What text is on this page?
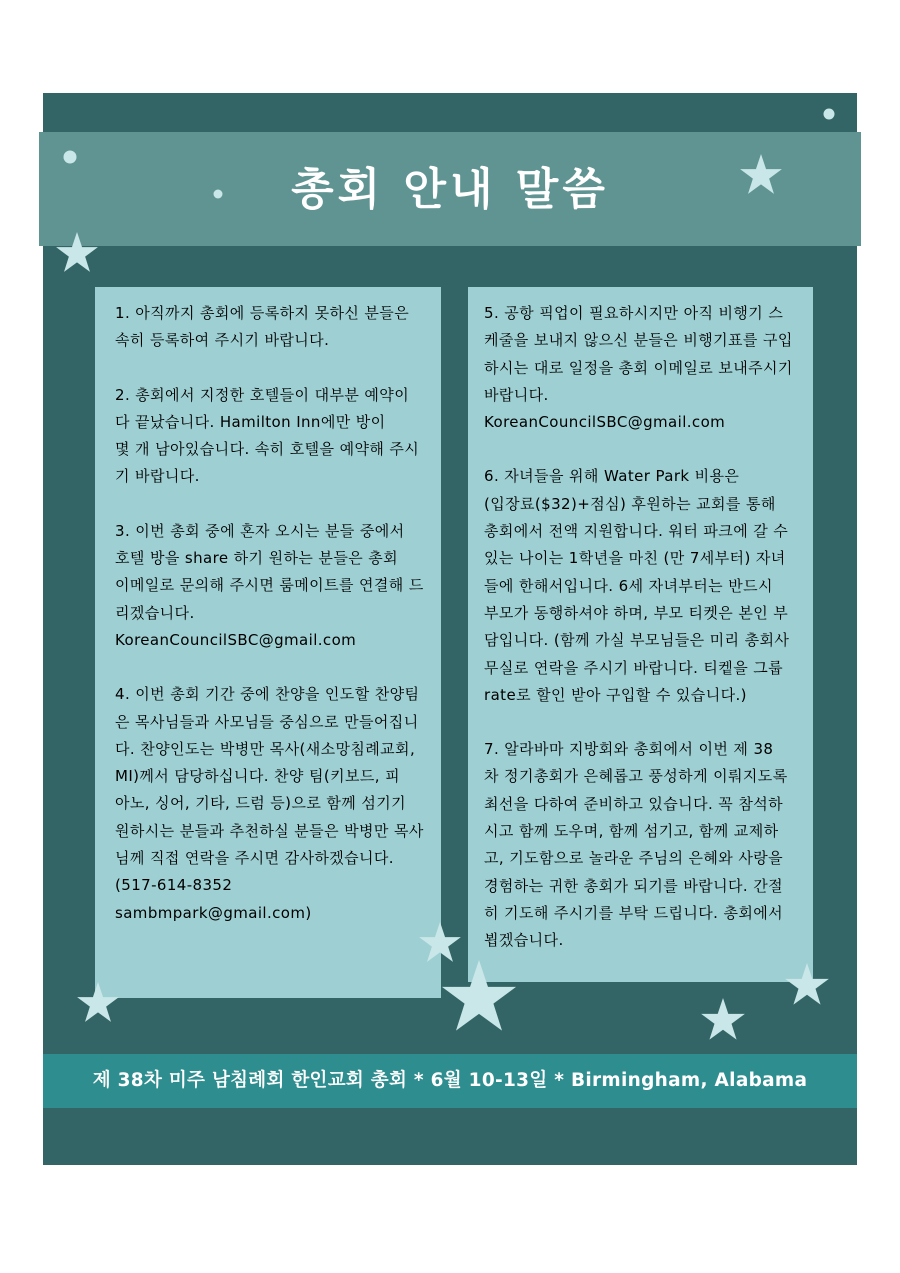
1. 아직까지 총회에 등록하지 못하신 분들은
속히 등록하여 주시기 바랍니다.

2. 총회에서 지정한 호텔들이 대부분 예약이
다 끝났습니다. Hamilton Inn에만 방이
몇 개 남아있습니다. 속히 호텔을 예약해 주시
기 바랍니다.

3. 이번 총회 중에 혼자 오시는 분들 중에서
호텔 방을 share 하기 원하는 분들은 총회
이메일로 문의해 주시면 룸메이트를 연결해 드
리겠습니다.
KoreanCouncilSBC@gmail.com

4. 이번 총회 기간 중에 찬양을 인도할 찬양팀
은 목사님들과 사모님들 중심으로 만들어집니
다. 찬양인도는 박병만 목사(새소망침례교회,
MI)께서 담당하십니다. 찬양 팀(키보드, 피
아노, 싱어, 기타, 드럼 등)으로 함께 섬기기
원하시는 분들과 추천하실 분들은 박병만 목사
님께 직접 연락을 주시면 감사하겠습니다.
(517-614-8352
sambmpark@gmail.com)

5. 공항 픽업이 필요하시지만 아직 비행기 스
케줄을 보내지 않으신 분들은 비행기표를 구입
하시는 대로 일정을 총회 이메일로 보내주시기
바랍니다.
KoreanCouncilSBC@gmail.com

6. 자녀들을 위해 Water Park 비용은
(입장료($32)+점심) 후원하는 교회를 통해
총회에서 전액 지원합니다. 워터 파크에 갈 수
있는 나이는 1학년을 마친 (만 7세부터) 자녀
들에 한해서입니다. 6세 자녀부터는 반드시
부모가 동행하셔야 하며, 부모 티켓은 본인 부
담입니다. (함께 가실 부모님들은 미리 총회사
무실로 연락을 주시기 바랍니다. 티켙을 그룹
rate로 할인 받아 구입할 수 있습니다.)

7. 알라바마 지방회와 총회에서 이번 제 38
차 정기총회가 은혜롭고 풍성하게 이뤄지도록
최선을 다하여 준비하고 있습니다. 꼭 참석하
시고 함께 도우며, 함께 섬기고, 함께 교제하
고, 기도함으로 놀라운 주님의 은혜와 사랑을
경험하는 귀한 총회가 되기를 바랍니다. 간절
히 기도해 주시기를 부탁 드립니다. 총회에서
뵙겠습니다.

총회 안내 말씀
제 38차 미주 남침례회 한인교회 총회 * 6월 10-13일 * Birmingham, Alabama
